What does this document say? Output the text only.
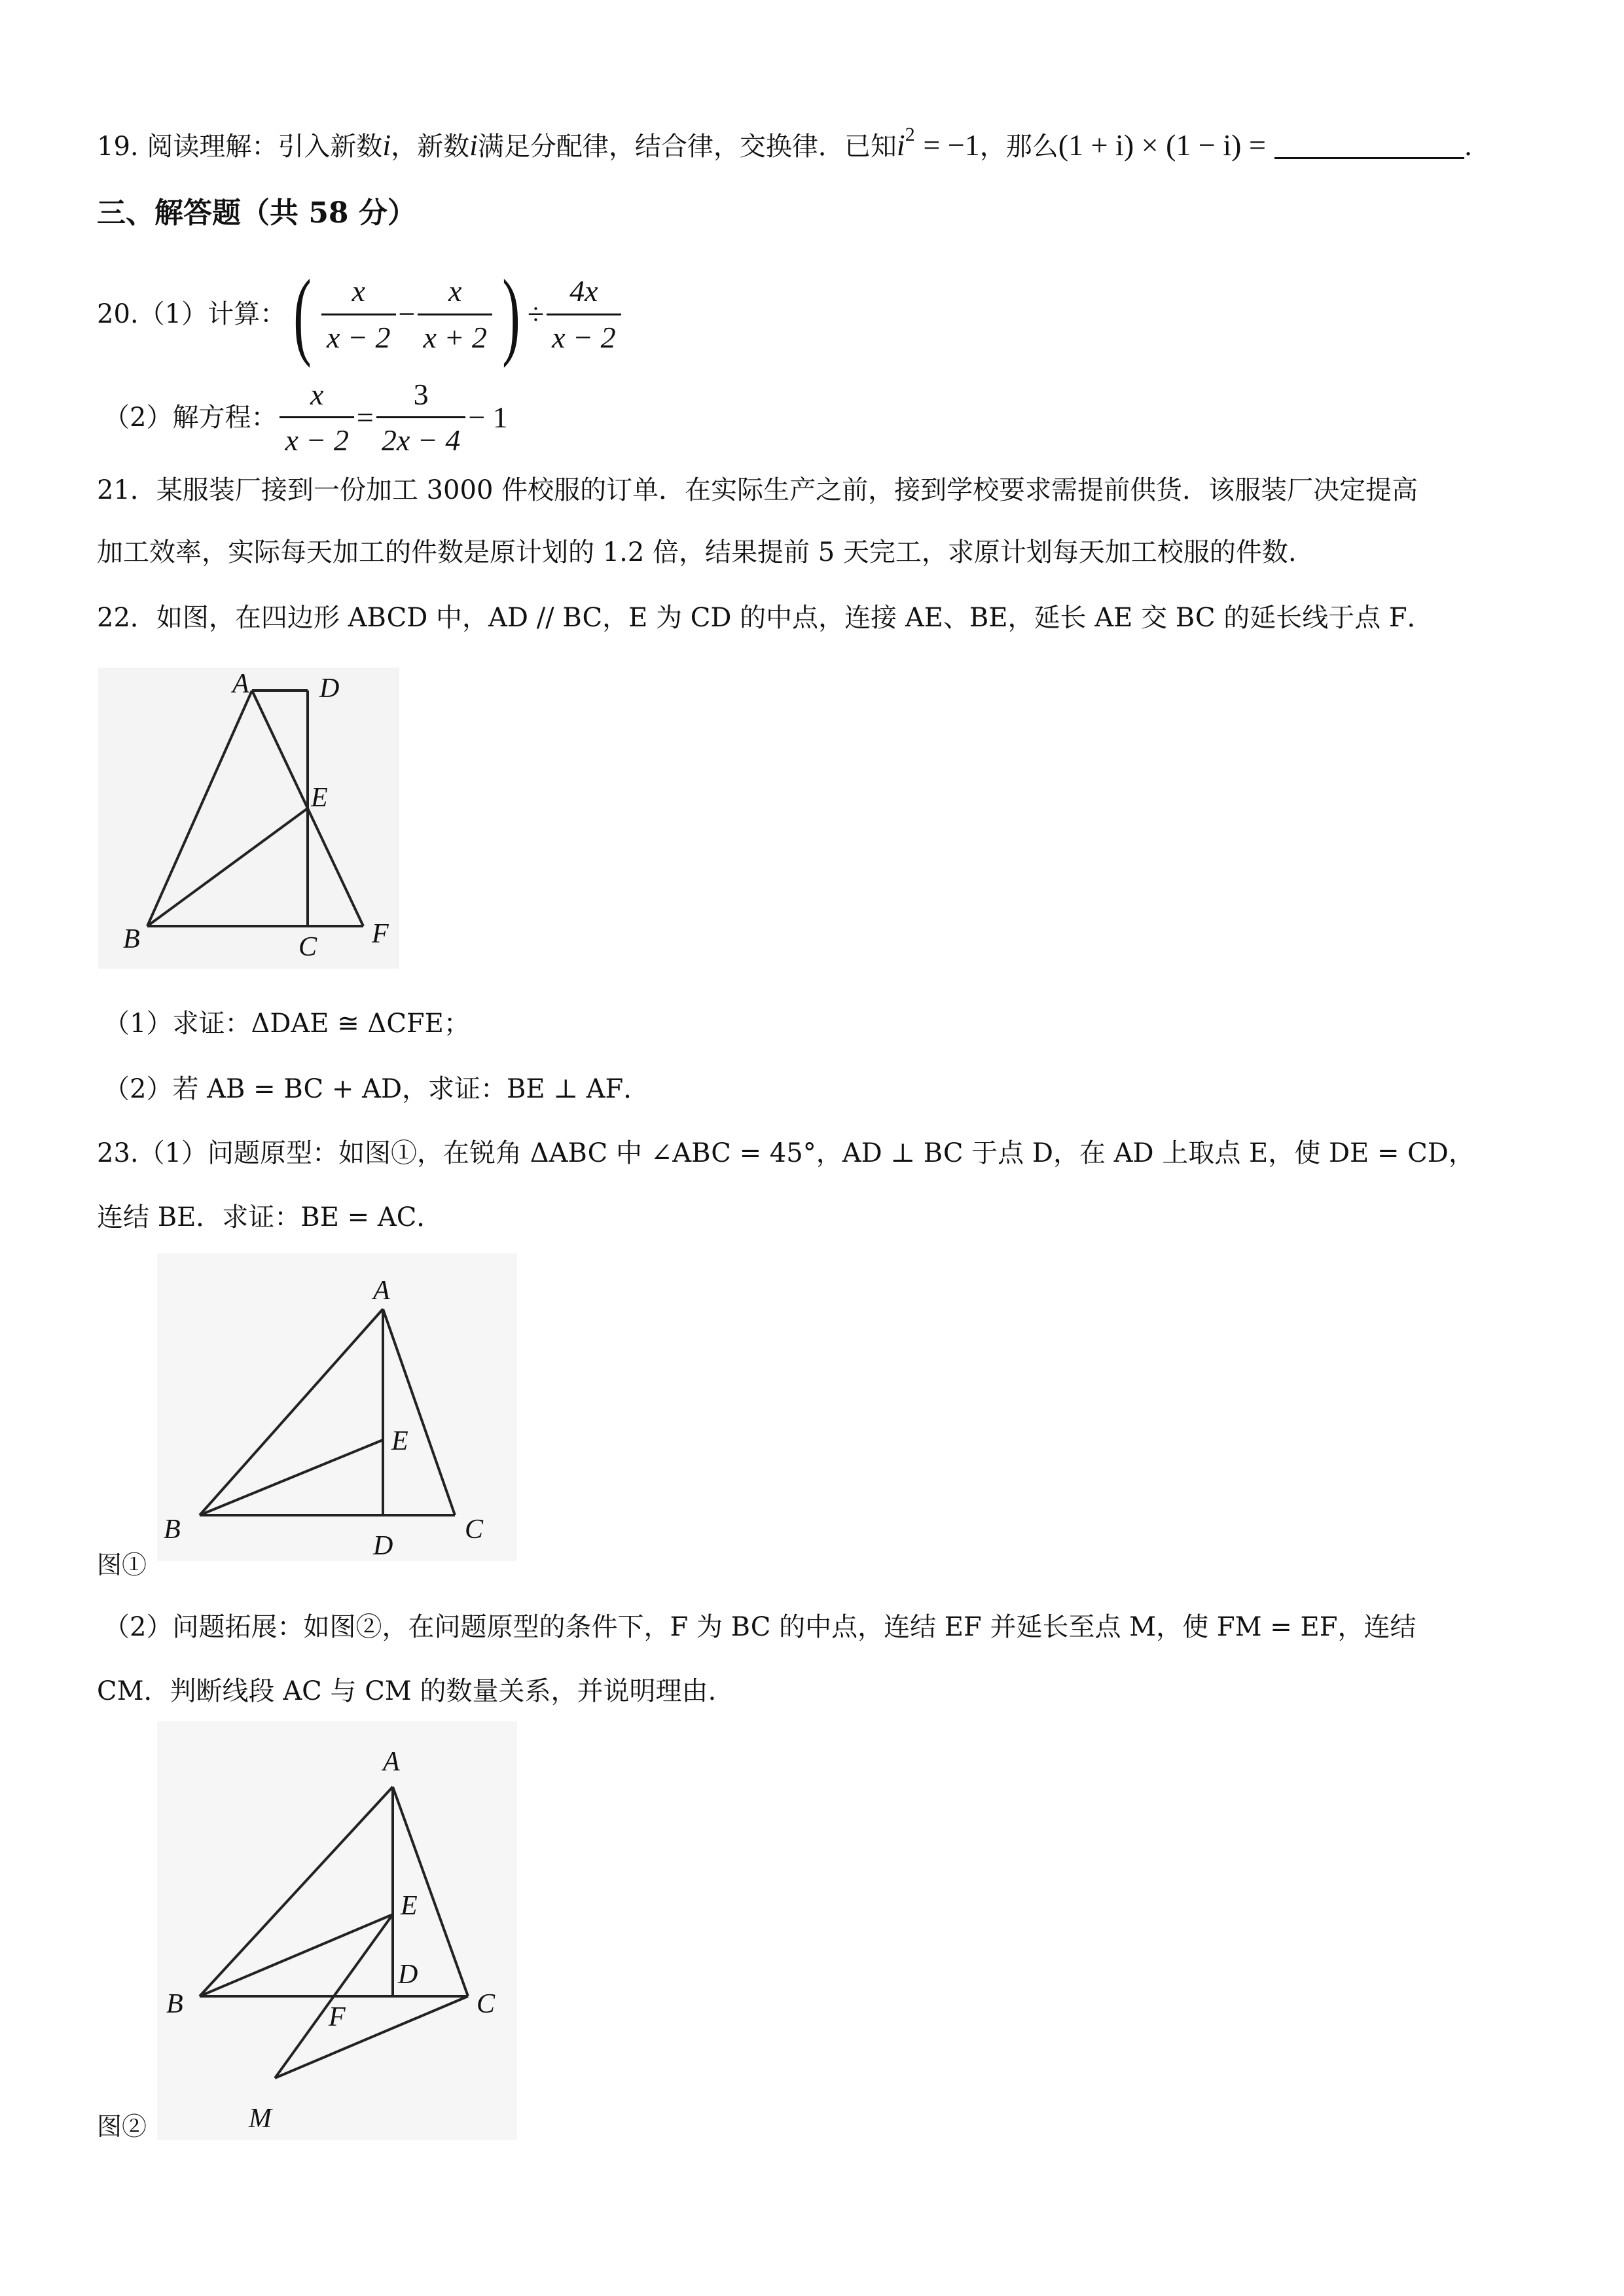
19. 阅读理解：引入新数i，新数i满足分配律，结合律，交换律．已知$i^2 = -1$，那么(1 + i) × (1 − i) =	.
三、解答题（共 58 分）
20. （1）计算： ( $\frac{x}{x - 2} - \frac{x}{x + 2}$ ) ÷ $\frac{4x}{x - 2}$
（2）解方程： $\frac{x}{x - 2} = \frac{3}{2x - 4} - 1$
21．某服装厂接到一份加工 3000 件校服的订单．在实际生产之前，接到学校要求需提前供货．该服装厂决定提高
加工效率，实际每天加工的件数是原计划的 1.2 倍，结果提前 5 天完工，求原计划每天加工校服的件数.
22．如图，在四边形 ABCD 中，AD // BC，E 为 CD 的中点，连接 AE、BE，延长 AE 交 BC 的延长线于点 F．
A	D
E
B	C F
（1）求证：ΔDAE ≅ ΔCFE；
（2）若 AB = BC + AD，求证：BE ⊥ AF．
23.（1）问题原型：如图①，在锐角 ΔABC 中 ∠ABC = 45°，AD ⊥ BC 于点 D，在 AD 上取点 E，使 DE = CD，
连结 BE．求证：BE = AC．
A
E
B
D
C
图①
（2）问题拓展：如图②，在问题原型的条件下，F 为 BC 的中点，连结 EF 并延长至点 M，使 FM = EF，连结
CM．判断线段 AC 与 CM 的数量关系，并说明理由.
A
E
D
B	F	C
M
图②
